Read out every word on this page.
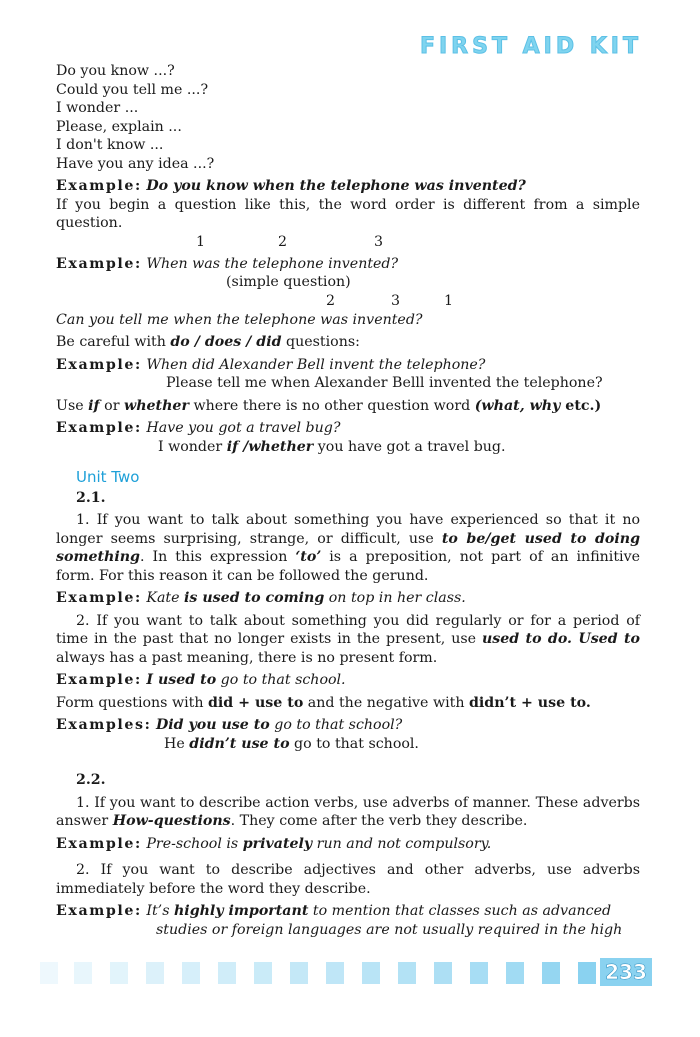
FIRST AID KIT

Do you know ...?

Could you tell me ...?

I wonder ...

Please, explain ...

I don't know ...

Have you any idea ...?

Example: Do you know when the telephone was invented?

If you begin a question like this, the word order is different from a simple question.

1	2	3

Example: When was the telephone invented?

(simple question)

2	3	1

Can you tell me when the telephone was invented?

Be careful with do / does / did questions:

Example: When did Alexander Bell invent the telephone?

Please tell me when Alexander Belll invented the telephone?

Use if or whether where there is no other question word (what, why etc.)

Example: Have you got a travel bug?

I wonder if /whether you have got a travel bug.

Unit Two

2.1.

1. If you want to talk about something you have experienced so that it no longer seems surprising, strange, or difficult, use to be/get used to doing something. In this expression ‘to’ is a preposition, not part of an infinitive form. For this reason it can be followed the gerund.

Example: Kate is used to coming on top in her class.

2. If you want to talk about something you did regularly or for a period of time in the past that no longer exists in the present, use used to do. Used to always has a past meaning, there is no present form.

Example: I used to go to that school.

Form questions with did + use to and the negative with didn’t + use to.

Examples: Did you use to go to that school?

He didn’t use to go to that school.

2.2.

1. If you want to describe action verbs, use adverbs of manner. These adverbs answer How-questions. They come after the verb they describe.

Example: Pre-school is privately run and not compulsory.

2. If you want to describe adjectives and other adverbs, use adverbs immediately before the word they describe.

Example: It’s highly important to mention that classes such as advanced

studies or foreign languages are not usually required in the high

233
